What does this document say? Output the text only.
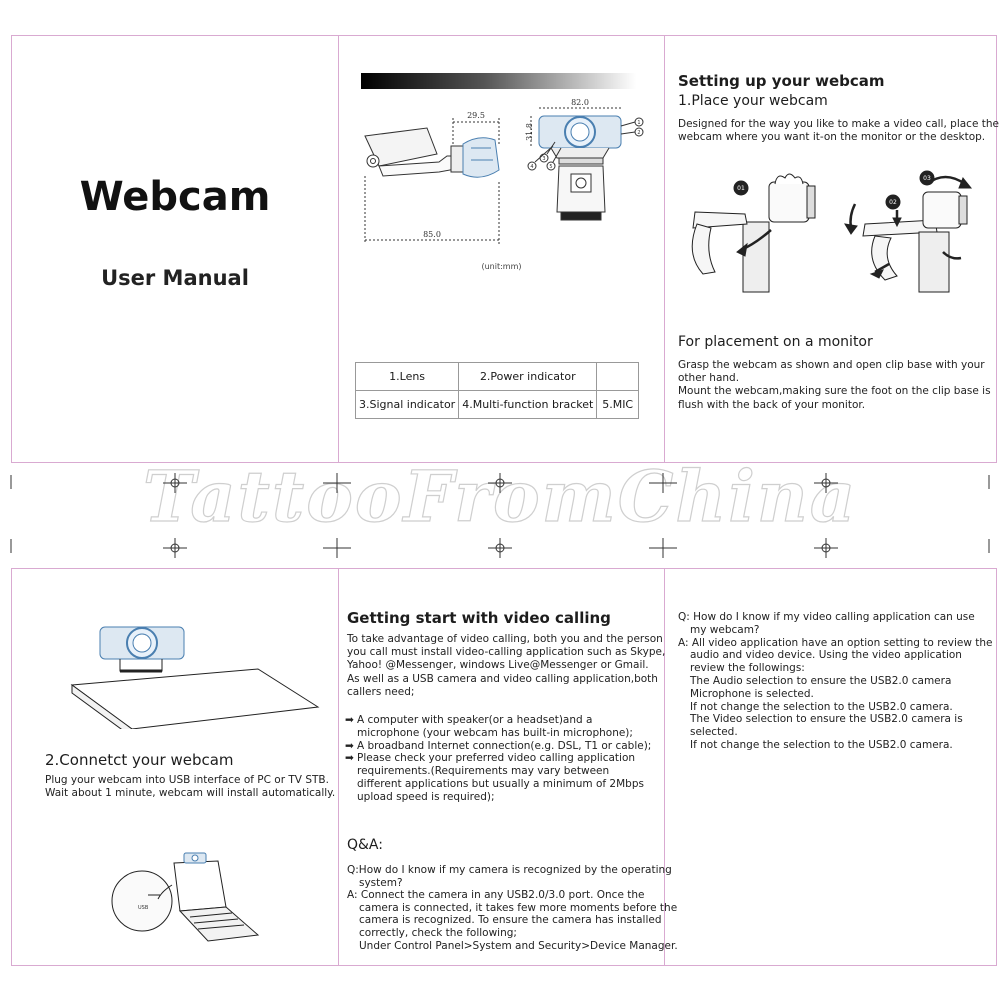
Webcam
User Manual
29.5
82.0
31.8
85.0
1
2
3
4	5
(unit:mm)
1.Lens	2.Power indicator	
3.Signal indicator	4.Multi-function bracket	5.MIC
Setting up your webcam
1.Place your webcam
Designed for the way you like to make a video call, place the
webcam where you want it-on the monitor or the desktop.
01
02
03
For placement on a monitor
Grasp the webcam as shown and open clip base with your
other hand.
Mount the webcam,making sure the foot on the clip base is
flush with the back of your monitor.
TattooFromChina
2.Connetct your webcam
Plug your webcam into USB interface of PC or TV STB.
Wait about 1 minute, webcam will install automatically.
USB
Getting start with video calling
To take advantage of video calling, both you and the person
you call must install video-calling application such as Skype,
Yahoo! @Messenger, windows Live@Messenger or Gmail.
As well as a USB camera and video calling application,both
callers need;
➡ A computer with speaker(or a headset)and a
microphone (your webcam has built-in microphone);
➡ A broadband Internet connection(e.g. DSL, T1 or cable);
➡ Please check your preferred video calling application
requirements.(Requirements may vary between
different applications but usually a minimum of 2Mbps
upload speed is required);
Q&A:
Q:How do I know if my camera is recognized by the operating
system?
A: Connect the camera in any USB2.0/3.0 port. Once the
camera is connected, it takes few more moments before the
camera is recognized. To ensure the camera has installed
correctly, check the following;
Under Control Panel>System and Security>Device Manager.
Q: How do I know if my video calling application can use
my webcam?
A: All video application have an option setting to review the
audio and video device. Using the video application
review the followings:
The Audio selection to ensure the USB2.0 camera
Microphone is selected.
If not change the selection to the USB2.0 camera.
The Video selection to ensure the USB2.0 camera is
selected.
If not change the selection to the USB2.0 camera.
